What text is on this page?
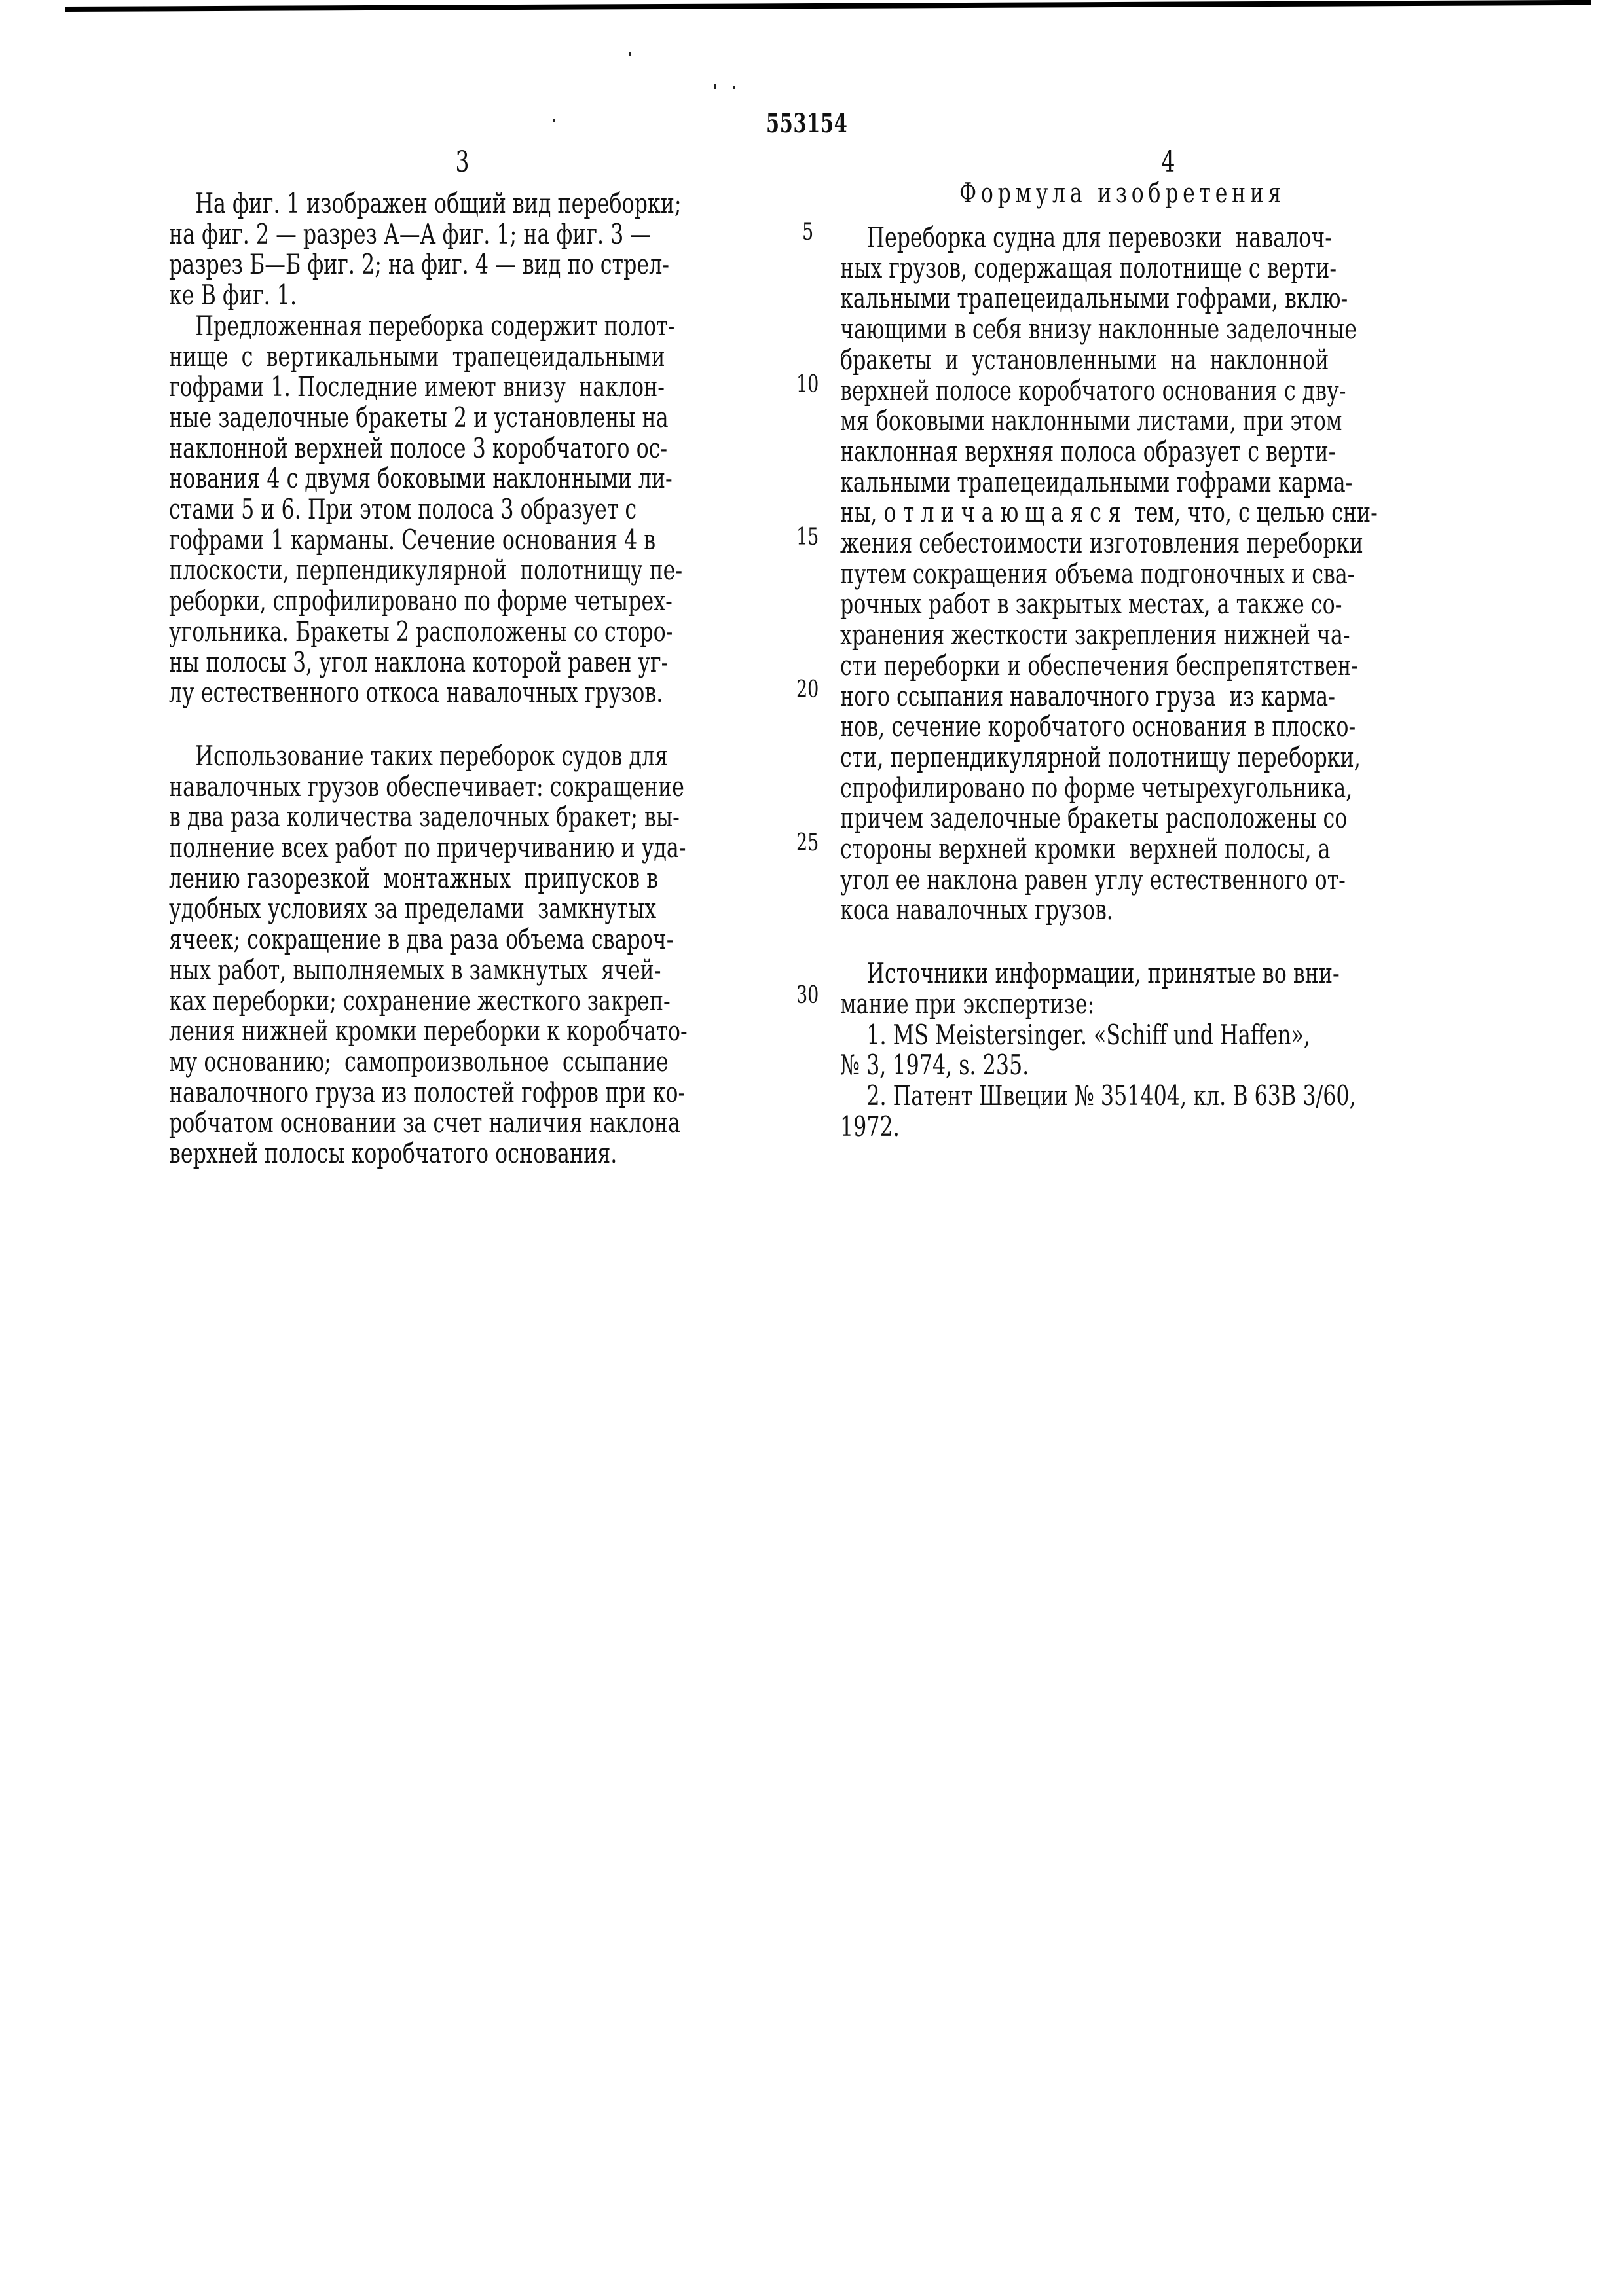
553154
3	4
На фиг. 1 изображен общий вид переборки;
на фиг. 2 — разрез А—А фиг. 1; на фиг. 3 —
разрез Б—Б фиг. 2; на фиг. 4 — вид по стрел-
ке В фиг. 1.
Предложенная переборка содержит полот-
нище  с  вертикальными  трапецеидальными
гофрами 1. Последние имеют внизу  наклон-
ные заделочные бракеты 2 и установлены на
наклонной верхней полосе 3 коробчатого ос-
нования 4 с двумя боковыми наклонными ли-
стами 5 и 6. При этом полоса 3 образует с
гофрами 1 карманы. Сечение основания 4 в
плоскости, перпендикулярной  полотнищу пе-
реборки, спрофилировано по форме четырех-
угольника. Бракеты 2 расположены со сторо-
ны полосы 3, угол наклона которой равен уг-
лу естественного откоса навалочных грузов.
Использование таких переборок судов для
навалочных грузов обеспечивает: сокращение
в два раза количества заделочных бракет; вы-
полнение всех работ по причерчиванию и уда-
лению газорезкой  монтажных  припусков в
удобных условиях за пределами  замкнутых
ячеек; сокращение в два раза объема свароч-
ных работ, выполняемых в замкнутых  ячей-
ках переборки; сохранение жесткого закреп-
ления нижней кромки переборки к коробчато-
му основанию;  самопроизвольное  ссыпание
навалочного груза из полостей гофров при ко-
робчатом основании за счет наличия наклона
верхней полосы коробчатого основания.
5
10
15
20
25
30
Формула изобретения
Переборка судна для перевозки  навалоч-
ных грузов, содержащая полотнище с верти-
кальными трапецеидальными гофрами, вклю-
чающими в себя внизу наклонные заделочные
бракеты  и  установленными  на  наклонной
верхней полосе коробчатого основания с дву-
мя боковыми наклонными листами, при этом
наклонная верхняя полоса образует с верти-
кальными трапецеидальными гофрами карма-
ны, о т л и ч а ю щ а я с я  тем, что, с целью сни-
жения себестоимости изготовления переборки
путем сокращения объема подгоночных и сва-
рочных работ в закрытых местах, а также со-
хранения жесткости закрепления нижней ча-
сти переборки и обеспечения беспрепятствен-
ного ссыпания навалочного груза  из карма-
нов, сечение коробчатого основания в плоско-
сти, перпендикулярной полотнищу переборки,
спрофилировано по форме четырехугольника,
причем заделочные бракеты расположены со
стороны верхней кромки  верхней полосы, а
угол ее наклона равен углу естественного от-
коса навалочных грузов.
Источники информации, принятые во вни-
мание при экспертизе:
1. MS Meistersinger. «Schiff und Haffen»,
№ 3, 1974, s. 235.
2. Патент Швеции № 351404, кл. В 63В 3/60,
1972.
